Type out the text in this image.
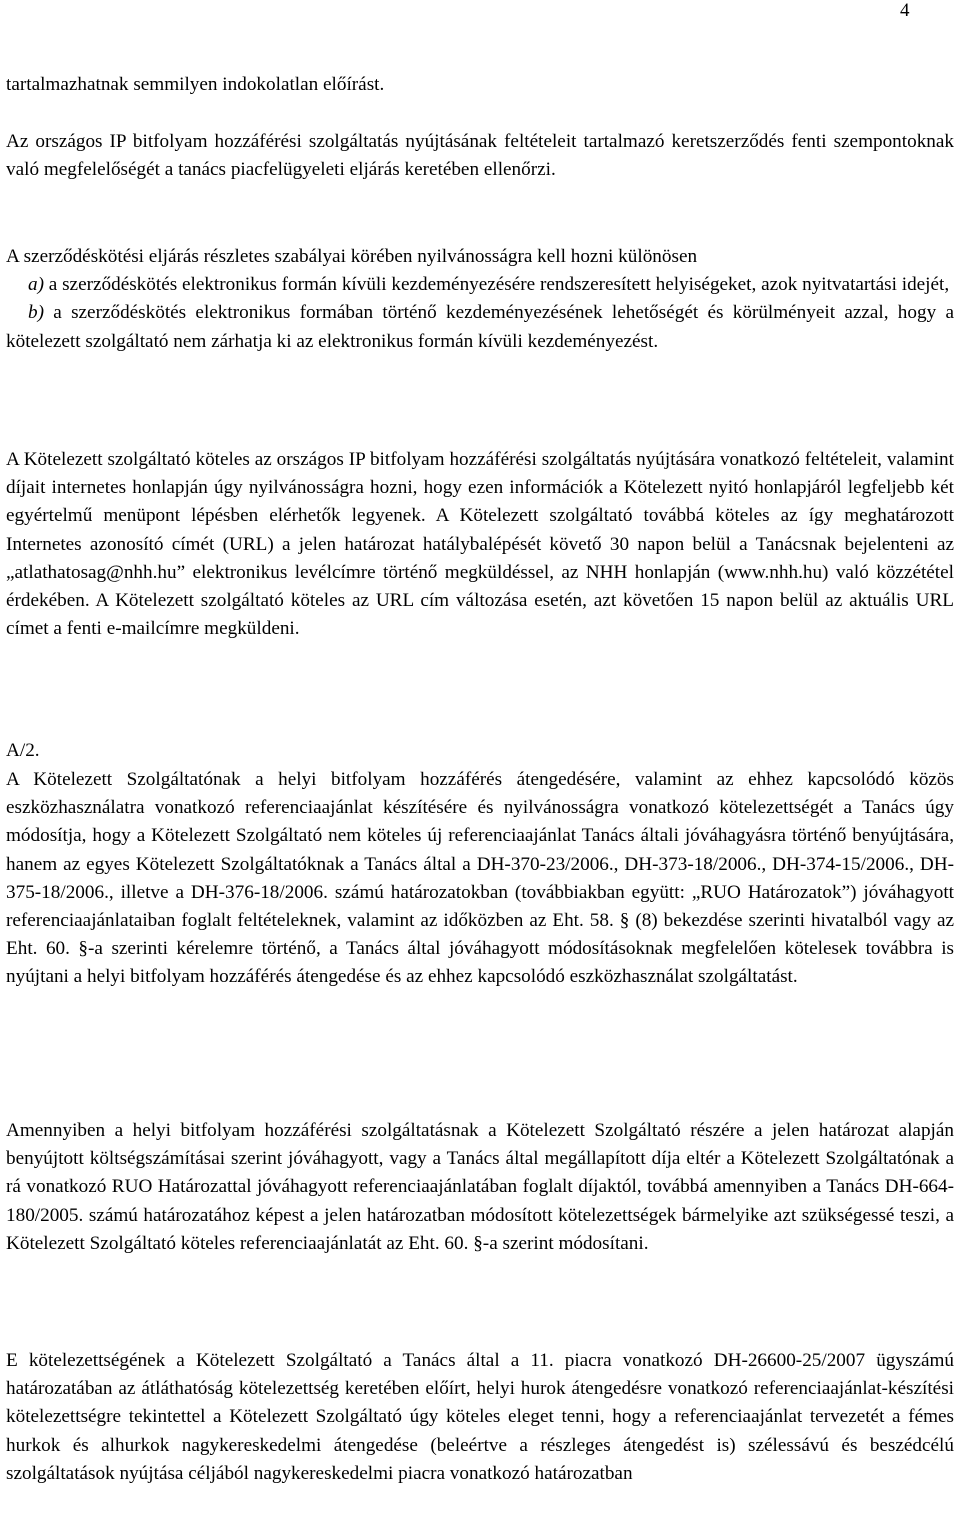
4

tartalmazhatnak semmilyen indokolatlan előírást.

Az országos IP bitfolyam hozzáférési szolgáltatás nyújtásának feltételeit tartalmazó keretszerződés fenti szempontoknak való megfelelőségét a tanács piacfelügyeleti eljárás keretében ellenőrzi.

A szerződéskötési eljárás részletes szabályai körében nyilvánosságra kell hozni különösen
a) a szerződéskötés elektronikus formán kívüli kezdeményezésére rendszeresített helyiségeket, azok nyitvatartási idejét,
b) a szerződéskötés elektronikus formában történő kezdeményezésének lehetőségét és körülményeit azzal, hogy a kötelezett szolgáltató nem zárhatja ki az elektronikus formán kívüli kezdeményezést.

A Kötelezett szolgáltató köteles az országos IP bitfolyam hozzáférési szolgáltatás nyújtására vonatkozó feltételeit, valamint díjait internetes honlapján úgy nyilvánosságra hozni, hogy ezen információk a Kötelezett nyitó honlapjáról legfeljebb két egyértelmű menüpont lépésben elérhetők legyenek. A Kötelezett szolgáltató továbbá köteles az így meghatározott Internetes azonosító címét (URL) a jelen határozat hatálybalépését követő 30 napon belül a Tanácsnak bejelenteni az „atlathatosag@nhh.hu” elektronikus levélcímre történő megküldéssel, az NHH honlapján (www.nhh.hu) való közzététel érdekében. A Kötelezett szolgáltató köteles az URL cím változása esetén, azt követően 15 napon belül az aktuális URL címet a fenti e-mailcímre megküldeni.

A/2.

A Kötelezett Szolgáltatónak a helyi bitfolyam hozzáférés átengedésére, valamint az ehhez kapcsolódó közös eszközhasználatra vonatkozó referenciaajánlat készítésére és nyilvánosságra vonatkozó kötelezettségét a Tanács úgy módosítja, hogy a Kötelezett Szolgáltató nem köteles új referenciaajánlat Tanács általi jóváhagyásra történő benyújtására, hanem az egyes Kötelezett Szolgáltatóknak a Tanács által a DH-370-23/2006., DH-373-18/2006., DH-374-15/2006., DH-375-18/2006., illetve a DH-376-18/2006. számú határozatokban (továbbiakban együtt: „RUO Határozatok”) jóváhagyott referenciaajánlataiban foglalt feltételeknek, valamint az időközben az Eht. 58. § (8) bekezdése szerinti hivatalból vagy az Eht. 60. §-a szerinti kérelemre történő, a Tanács által jóváhagyott módosításoknak megfelelően kötelesek továbbra is nyújtani a helyi bitfolyam hozzáférés átengedése és az ehhez kapcsolódó eszközhasználat szolgáltatást.

Amennyiben a helyi bitfolyam hozzáférési szolgáltatásnak a Kötelezett Szolgáltató részére a jelen határozat alapján benyújtott költségszámításai szerint jóváhagyott, vagy a Tanács által megállapított díja eltér a Kötelezett Szolgáltatónak a rá vonatkozó RUO Határozattal jóváhagyott referenciaajánlatában foglalt díjaktól, továbbá amennyiben a Tanács DH-664-180/2005. számú határozatához képest a jelen határozatban módosított kötelezettségek bármelyike azt szükségessé teszi, a Kötelezett Szolgáltató köteles referenciaajánlatát az Eht. 60. §-a szerint módosítani.

E kötelezettségének a Kötelezett Szolgáltató a Tanács által a 11. piacra vonatkozó DH-26600-25/2007 ügyszámú határozatában az átláthatóság kötelezettség keretében előírt, helyi hurok átengedésre vonatkozó referenciaajánlat-készítési kötelezettségre tekintettel a Kötelezett Szolgáltató úgy köteles eleget tenni, hogy a referenciaajánlat tervezetét a fémes hurkok és alhurkok nagykereskedelmi átengedése (beleértve a részleges átengedést is) szélessávú és beszédcélú szolgáltatások nyújtása céljából nagykereskedelmi piacra vonatkozó határozatban
